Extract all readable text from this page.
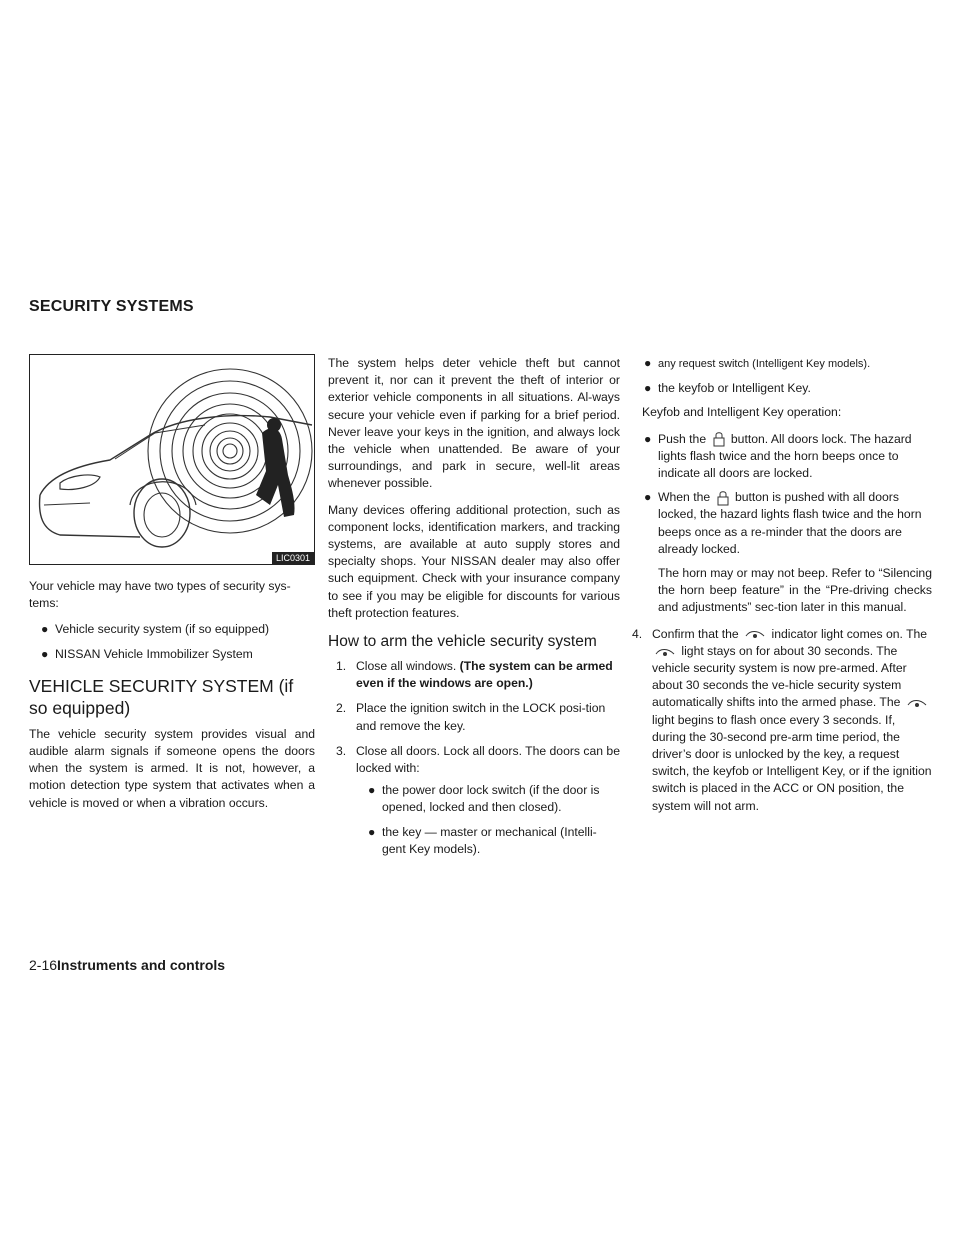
SECURITY SYSTEMS
LIC0301

Your vehicle may have two types of security sys-tems:

● Vehicle security system (if so equipped)
● NISSAN Vehicle Immobilizer System
VEHICLE SECURITY SYSTEM (if so equipped)

The vehicle security system provides visual and audible alarm signals if someone opens the doors when the system is armed. It is not, however, a motion detection type system that activates when a vehicle is moved or when a vibration occurs.

The system helps deter vehicle theft but cannot prevent it, nor can it prevent the theft of interior or exterior vehicle components in all situations. Al-ways secure your vehicle even if parking for a brief period. Never leave your keys in the ignition, and always lock the vehicle when unattended. Be aware of your surroundings, and park in secure, well-lit areas whenever possible.

Many devices offering additional protection, such as component locks, identification markers, and tracking systems, are available at auto supply stores and specialty shops. Your NISSAN dealer may also offer such equipment. Check with your insurance company to see if you may be eligible for discounts for various theft protection features.

How to arm the vehicle security system
1. Close all windows. (The system can be armed even if the windows are open.)
2. Place the ignition switch in the LOCK posi-tion and remove the key.
3. Close all doors. Lock all doors. The doors can be locked with:
● the power door lock switch (if the door is opened, locked and then closed).
● the key — master or mechanical (Intelli-gent Key models).
● any request switch (Intelligent Key models).
● the keyfob or Intelligent Key.

Keyfob and Intelligent Key operation:

● Push the button. All doors lock. The hazard lights flash twice and the horn beeps once to indicate all doors are locked.
● When the button is pushed with all doors locked, the hazard lights flash twice and the horn beeps once as a re-minder that the doors are already locked.

The horn may or may not beep. Refer to “Silencing the horn beep feature” in the “Pre-driving checks and adjustments” sec-tion later in this manual.

4. Confirm that the	indicator light comes on. The  light stays on for about 30 seconds. The vehicle security system is now pre-armed. After about 30 seconds the ve-hicle security system automatically shifts into the armed phase. The  light begins to flash once every 3 seconds. If, during the 30-second pre-arm time period, the driver’s door is unlocked by the key, a request switch, the keyfob or Intelligent Key, or if the ignition switch is placed in the ACC or ON position, the system will not arm.
2-16Instruments and controls
